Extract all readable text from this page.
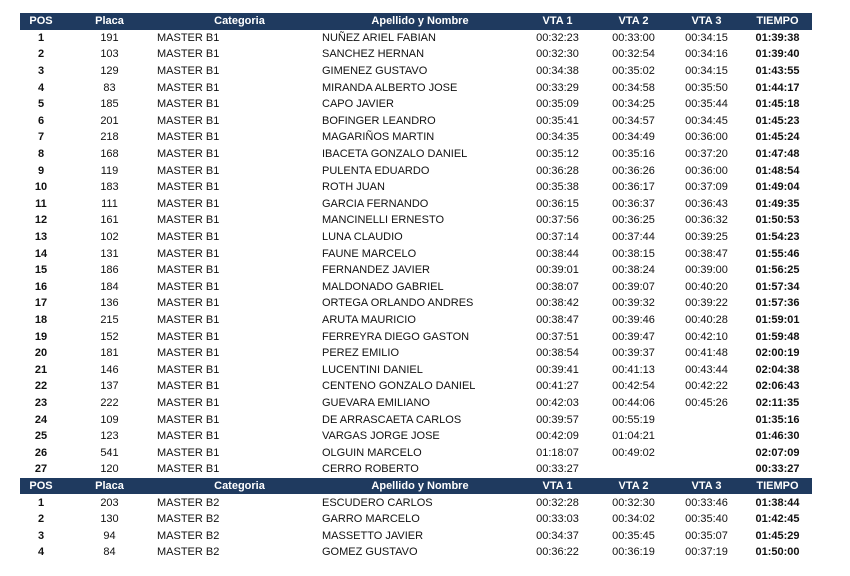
POS	Placa	Categoria	Apellido y Nombre	VTA 1	VTA 2	VTA 3	TIEMPO
1	191	MASTER B1	NUÑEZ ARIEL FABIAN	00:32:23	00:33:00	00:34:15	01:39:38
2	103	MASTER B1	SANCHEZ HERNAN	00:32:30	00:32:54	00:34:16	01:39:40
3	129	MASTER B1	GIMENEZ GUSTAVO	00:34:38	00:35:02	00:34:15	01:43:55
4	83	MASTER B1	MIRANDA ALBERTO JOSE	00:33:29	00:34:58	00:35:50	01:44:17
5	185	MASTER B1	CAPO JAVIER	00:35:09	00:34:25	00:35:44	01:45:18
6	201	MASTER B1	BOFINGER LEANDRO	00:35:41	00:34:57	00:34:45	01:45:23
7	218	MASTER B1	MAGARIÑOS MARTIN	00:34:35	00:34:49	00:36:00	01:45:24
8	168	MASTER B1	IBACETA GONZALO DANIEL	00:35:12	00:35:16	00:37:20	01:47:48
9	119	MASTER B1	PULENTA EDUARDO	00:36:28	00:36:26	00:36:00	01:48:54
10	183	MASTER B1	ROTH JUAN	00:35:38	00:36:17	00:37:09	01:49:04
11	111	MASTER B1	GARCIA FERNANDO	00:36:15	00:36:37	00:36:43	01:49:35
12	161	MASTER B1	MANCINELLI ERNESTO	00:37:56	00:36:25	00:36:32	01:50:53
13	102	MASTER B1	LUNA CLAUDIO	00:37:14	00:37:44	00:39:25	01:54:23
14	131	MASTER B1	FAUNE MARCELO	00:38:44	00:38:15	00:38:47	01:55:46
15	186	MASTER B1	FERNANDEZ JAVIER	00:39:01	00:38:24	00:39:00	01:56:25
16	184	MASTER B1	MALDONADO GABRIEL	00:38:07	00:39:07	00:40:20	01:57:34
17	136	MASTER B1	ORTEGA ORLANDO ANDRES	00:38:42	00:39:32	00:39:22	01:57:36
18	215	MASTER B1	ARUTA MAURICIO	00:38:47	00:39:46	00:40:28	01:59:01
19	152	MASTER B1	FERREYRA DIEGO GASTON	00:37:51	00:39:47	00:42:10	01:59:48
20	181	MASTER B1	PEREZ EMILIO	00:38:54	00:39:37	00:41:48	02:00:19
21	146	MASTER B1	LUCENTINI DANIEL	00:39:41	00:41:13	00:43:44	02:04:38
22	137	MASTER B1	CENTENO GONZALO DANIEL	00:41:27	00:42:54	00:42:22	02:06:43
23	222	MASTER B1	GUEVARA EMILIANO	00:42:03	00:44:06	00:45:26	02:11:35
24	109	MASTER B1	DE ARRASCAETA CARLOS	00:39:57	00:55:19		01:35:16
25	123	MASTER B1	VARGAS JORGE JOSE	00:42:09	01:04:21		01:46:30
26	541	MASTER B1	OLGUIN MARCELO	01:18:07	00:49:02		02:07:09
27	120	MASTER B1	CERRO ROBERTO	00:33:27			00:33:27
POS	Placa	Categoria	Apellido y Nombre	VTA 1	VTA 2	VTA 3	TIEMPO
1	203	MASTER B2	ESCUDERO CARLOS	00:32:28	00:32:30	00:33:46	01:38:44
2	130	MASTER B2	GARRO MARCELO	00:33:03	00:34:02	00:35:40	01:42:45
3	94	MASTER B2	MASSETTO JAVIER	00:34:37	00:35:45	00:35:07	01:45:29
4	84	MASTER B2	GOMEZ GUSTAVO	00:36:22	00:36:19	00:37:19	01:50:00
